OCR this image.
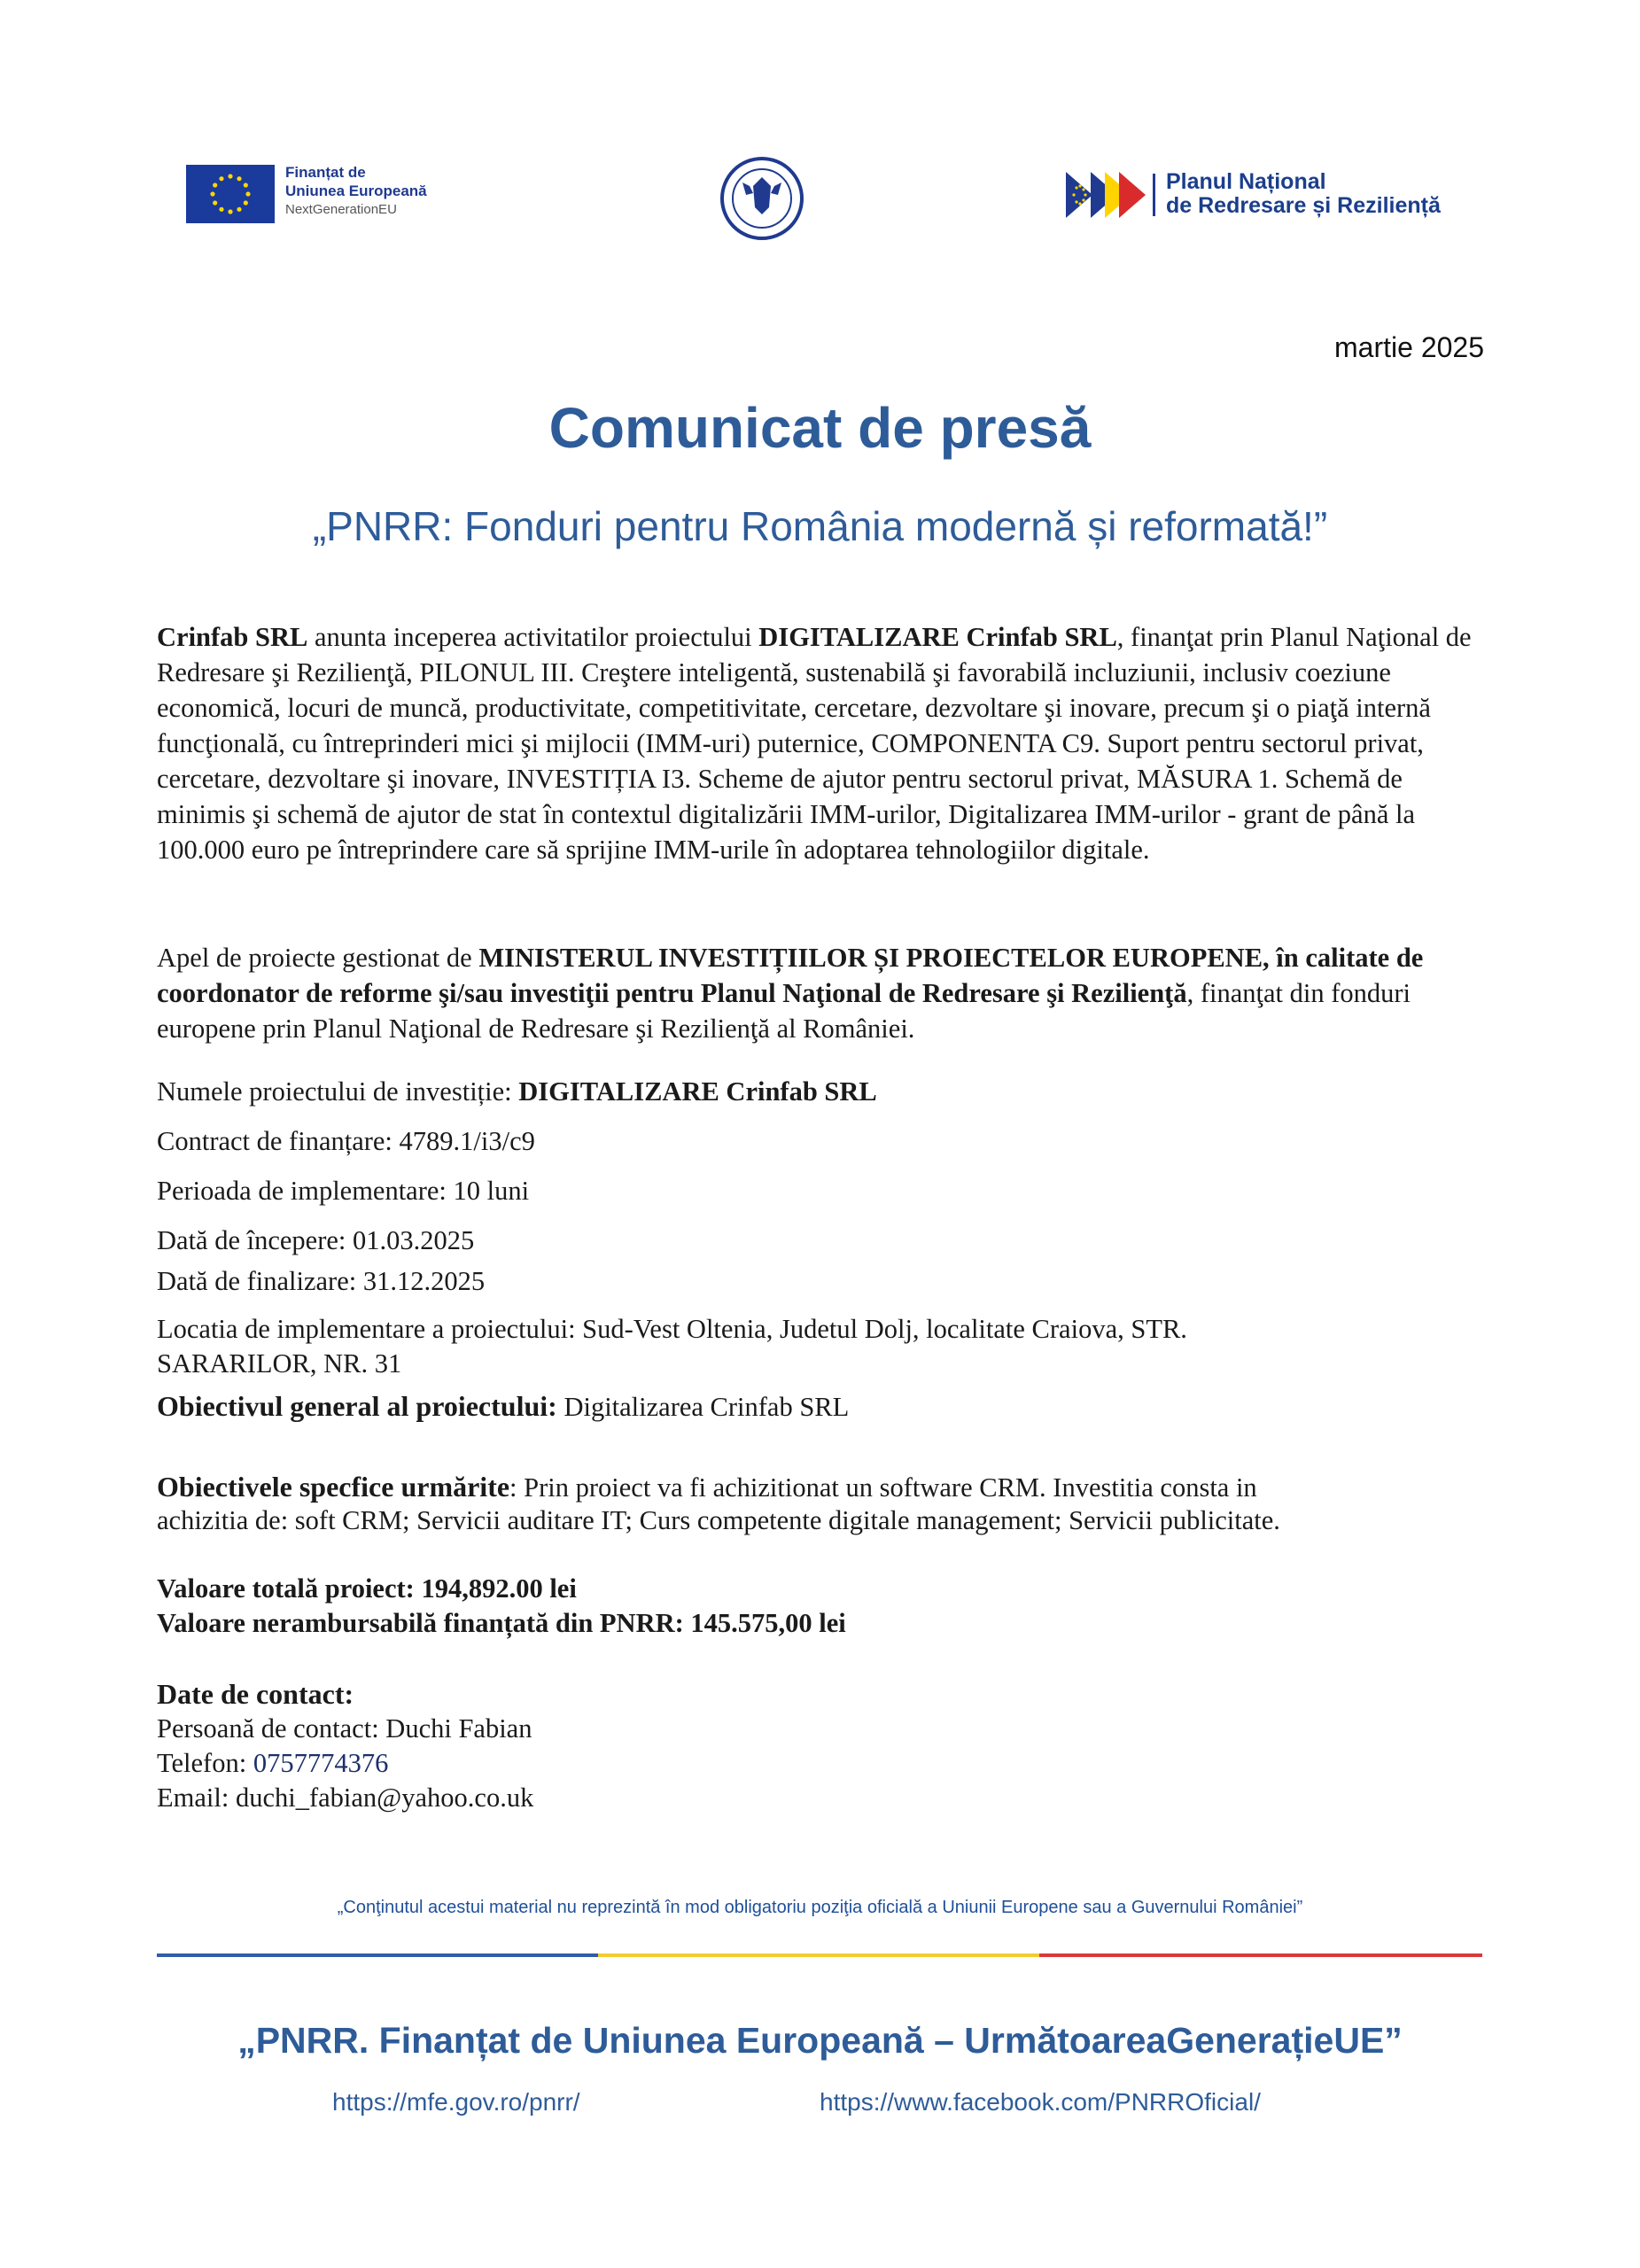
Finanțat de
Uniunea Europeană
NextGenerationEU
Planul Național
de Redresare și Reziliență
martie 2025
Comunicat de presă
„PNRR: Fonduri pentru România modernă și reformată!”
Crinfab SRL anunta inceperea activitatilor proiectului DIGITALIZARE Crinfab SRL, finanţat prin Planul Naţional de Redresare şi Rezilienţă, PILONUL III. Creştere inteligentă, sustenabilă şi favorabilă incluziunii, inclusiv coeziune economică, locuri de muncă, productivitate, competitivitate, cercetare, dezvoltare şi inovare, precum şi o piaţă internă funcţională, cu întreprinderi mici şi mijlocii (IMM-uri) puternice, COMPONENTA C9. Suport pentru sectorul privat, cercetare, dezvoltare şi inovare, INVESTIȚIA I3. Scheme de ajutor pentru sectorul privat, MĂSURA 1. Schemă de minimis şi schemă de ajutor de stat în contextul digitalizării IMM-urilor, Digitalizarea IMM-urilor - grant de până la 100.000 euro pe întreprindere care să sprijine IMM-urile în adoptarea tehnologiilor digitale.
Apel de proiecte gestionat de MINISTERUL INVESTIȚIILOR ȘI PROIECTELOR EUROPENE, în calitate de coordonator de reforme şi/sau investiţii pentru Planul Naţional de Redresare şi Rezilienţă, finanţat din fonduri europene prin Planul Naţional de Redresare şi Rezilienţă al României.
Numele proiectului de investiție: DIGITALIZARE Crinfab SRL
Contract de finanțare: 4789.1/i3/c9
Perioada de implementare: 10 luni
Dată de începere: 01.03.2025
Dată de finalizare: 31.12.2025
Locatia de implementare a proiectului: Sud-Vest Oltenia, Judetul Dolj, localitate Craiova, STR.
SARARILOR, NR. 31
Obiectivul general al proiectului: Digitalizarea Crinfab SRL
Obiectivele specfice urmărite: Prin proiect va fi achizitionat un software CRM. Investitia consta in
achizitia de: soft CRM; Servicii auditare IT; Curs competente digitale management; Servicii publicitate.
Valoare totală proiect: 194,892.00 lei
Valoare nerambursabilă finanțată din PNRR: 145.575,00 lei
Date de contact:
Persoană de contact: Duchi Fabian
Telefon: 0757774376
Email: duchi_fabian@yahoo.co.uk
„Conţinutul acestui material nu reprezintă în mod obligatoriu poziţia oficială a Uniunii Europene sau a Guvernului României”
„PNRR. Finanțat de Uniunea Europeană – UrmătoareaGenerațieUE”
https://mfe.gov.ro/pnrr/	https://www.facebook.com/PNRROficial/
